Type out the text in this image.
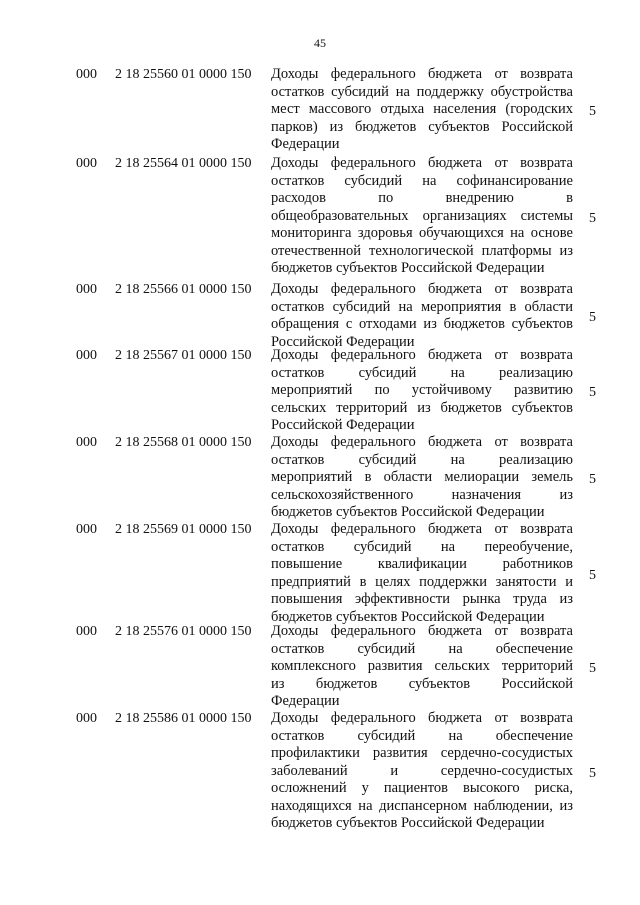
45
000 2 18 25560 01 0000 150 Доходы федерального бюджета от возврата
остатков субсидий на поддержку обустройства
мест массового отдыха населения (городских
парков) из бюджетов субъектов Российской
Федерации
5
000 2 18 25564 01 0000 150 Доходы федерального бюджета от возврата
остатков субсидий на софинансирование
расходов по внедрению в
общеобразовательных организациях системы
мониторинга здоровья обучающихся на основе
отечественной технологической платформы из
бюджетов субъектов Российской Федерации
5
000 2 18 25566 01 0000 150 Доходы федерального бюджета от возврата
остатков субсидий на мероприятия в области
обращения с отходами из бюджетов субъектов
Российской Федерации
5
000 2 18 25567 01 0000 150 Доходы федерального бюджета от возврата
остатков субсидий на реализацию
мероприятий по устойчивому развитию
сельских территорий из бюджетов субъектов
Российской Федерации
5
000 2 18 25568 01 0000 150 Доходы федерального бюджета от возврата
остатков субсидий на реализацию
мероприятий в области мелиорации земель
сельскохозяйственного назначения из
бюджетов субъектов Российской Федерации
5
000 2 18 25569 01 0000 150 Доходы федерального бюджета от возврата
остатков субсидий на переобучение,
повышение квалификации работников
предприятий в целях поддержки занятости и
повышения эффективности рынка труда из
бюджетов субъектов Российской Федерации
5
000 2 18 25576 01 0000 150 Доходы федерального бюджета от возврата
остатков субсидий на обеспечение
комплексного развития сельских территорий
из бюджетов субъектов Российской
Федерации
5
000 2 18 25586 01 0000 150 Доходы федерального бюджета от возврата
остатков субсидий на обеспечение
профилактики развития сердечно-сосудистых
заболеваний и сердечно-сосудистых
осложнений у пациентов высокого риска,
находящихся на диспансерном наблюдении, из
бюджетов субъектов Российской Федерации
5
